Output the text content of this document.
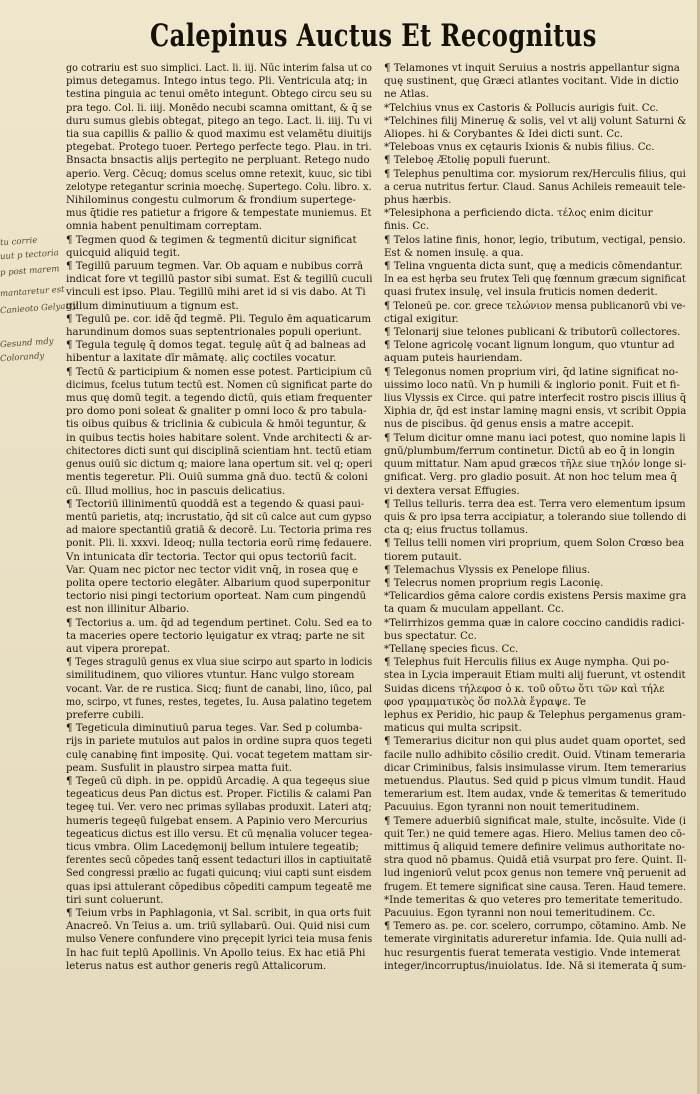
Calepinus Auctus Et Recognitus
tu corrie
uut p tectoria
p post marem
mantaretur est
Canieoto Gelyatty
Gesund mdy
Colorandy

go cotrariu est suo simplici. Lact. li. iij. Nūc interim falsa ut co

pimus detegamus. Intego intus tego. Pli. Ventricula atq; in

testina pinguia ac tenui omēto integunt. Obtego circu seu su

pra tego. Col. li. iiij. Monēdo necubi scamna omittant, & q̄ se

duru sumus glebis obtegat, pitego an tego. Lact. li. iiij. Tu vi

tia sua capillis & pallio & quod maximu est velamētu diuitijs

ptegebat. Protego tuoer. Pertego perfecte tego. Plau. in tri.

Bnsacta bnsactis alijs pertegito ne perpluant. Retego nudo

aperio. Verg. Cēcuq; domus scelus omne retexit, kuuc, sic tibi

zelotype retegantur scrinia moechę. Supertego. Colu. libro. x.

Nihilominus congestu culmorum & frondium supertege-

mus q̄tidie res patietur a frigore & tempestate muniemus. Et

omnia habent penultimam correptam.

¶ Tegmen quod & tegimen & tegmentū dicitur significat

quicquid aliquid tegit.

¶ Tegillū paruum tegmen. Var. Ob aquam e nubibus corrā

indicat fore vt tegillū pastor sibi sumat. Est & tegillū cuculi

vinculi est ipso. Plau. Tegillū mihi aret id si vis dabo. At Ti

gillum diminutiuum a tignum est.

¶ Tegulū pe. cor. idē q̄d tegmē. Pli. Tegulo ēm aquaticarum

harundinum domos suas septentrionales populi operiunt.

¶ Tegula tegulę q̄ domos tegat. tegulę aūt q̄ ad balneas ad

hibentur a laxitate dīr māmatę. aliç coctiles vocatur.

¶ Tectū & participium & nomen esse potest. Participium cū

dicimus, fcelus tutum tectū est. Nomen cū significat parte do

mus quę domū tegit. a tegendo dictū, quis etiam frequenter

pro domo poni soleat & gnaliter p omni loco & pro tabula-

tis oibus quibus & triclinia & cubicula & hmōi teguntur, &

in quibus tectis hoies habitare solent. Vnde architecti & ar-

chitectores dicti sunt qui disciplinā scientiam hnt. tectū etiam

genus ouiū sic dictum q; maiore lana opertum sit. vel q; operi

mentis tegeretur. Pli. Ouiū summa gnā duo. tectū & coloni

cū. Illud mollius, hoc in pascuis delicatius.

¶ Tectoriū illinimentū quoddā est a tegendo & quasi paui-

mentū parietis, atq; incrustatio, q̄d sit cū calce aut cum gypso

ad maiore spectantiū gratiā & decorē. Lu. Tectoria prima res

ponit. Pli. li. xxxvi. Ideoq; nulla tectoria eorū rimę fedauere.

Vn intunicata dīr tectoria. Tector qui opus tectoriū facit.

Var. Quam nec pictor nec tector vidit vnq̄, in rosea quę e

polita opere tectorio elegāter. Albarium quod superponitur

tectorio nisi pingi tectorium oporteat. Nam cum pingendū

est non illinitur Albario.

¶ Tectorius a. um. q̄d ad tegendum pertinet. Colu. Sed ea to

ta maceries opere tectorio lęuigatur ex vtraq; parte ne sit

aut vipera prorepat.

¶ Teges stragulū genus ex vlua siue scirpo aut sparto in lodicis

similitudinem, quo viliores vtuntur. Hanc vulgo stoream

vocant. Var. de re rustica. Sicq; fiunt de canabi, lino, iūco, pal

mo, scirpo, vt funes, restes, tegetes, Iu. Ausa palatino tegetem

preferre cubili.

¶ Tegeticula diminutiuū parua teges. Var. Sed p columba-

rijs in pariete mutulos aut palos in ordine supra quos tegeti

culę canabinę fint impositę. Qui. vocat tegetem mattam sir-

peam. Susfulit in plaustro sirpea matta fuit.

¶ Tegeū cū diph. in pe. oppidū Arcadię. A qua tegeęus siue

tegeaticus deus Pan dictus est. Proper. Fictilis & calami Pan

tegeę tui. Ver. vero nec primas syllabas produxit. Lateri atq;

humeris tegeęū fulgebat ensem. A Papinio vero Mercurius

tegeaticus dictus est illo versu. Et cū męnalia volucer tegea-

ticus vmbra. Olim Lacedęmonij bellum intulere tegeatib;

ferentes secū cōpedes tanq̄ essent tedacturi illos in captiuitatē

Sed congressi prælio ac fugati quicunq; viui capti sunt eisdem

quas ipsi attulerant cōpedibus cōpediti campum tegeatē me

tiri sunt coluerunt.

¶ Teium vrbs in Paphlagonia, vt Sal. scribit, in qua orts fuit

Anacreō. Vn Teius a. um. triū syllabarū. Oui. Quid nisi cum

mulso Venere confundere vino pręcepit lyrici teia musa fenis

In hac fuit teplū Apollinis. Vn Apollo teius. Ex hac etiā Phi

leterus natus est author generis regū Attalicorum.

¶ Telamones vt inquit Seruius a nostris appellantur signa

quę sustinent, quę Græci atlantes vocitant. Vide in dictio

ne Atlas.

*Telchius vnus ex Castoris & Pollucis aurigis fuit. Cc.

*Telchines filij Mineruę & solis, vel vt alij volunt Saturni &

Aliopes. hi & Corybantes & Idei dicti sunt. Cc.

*Teleboas vnus ex cętauris Ixionis & nubis filius. Cc.

¶ Teleboę Ætolię populi fuerunt.

¶ Telephus penultima cor. mysiorum rex/Herculis filius, qui

a cerua nutritus fertur. Claud. Sanus Achileis remeauit tele-

phus hærbis.

*Telesiphona a perficiendo dicta. τέλος enim dicitur

finis. Cc.

¶ Telos latine finis, honor, legio, tributum, vectigal, pensio.

Est & nomen insulę. a qua.

¶ Telina vnguenta dicta sunt, quę a medicis cōmendantur.

In ea est hęrba seu frutex Teli quę fœnnum græcum significat

quasi frutex insulę, vel insula fruticis nomen dederit.

¶ Teloneū pe. cor. grece τελώνιον mensa publicanorū vbi ve-

ctigal exigitur.

¶ Telonarij siue telones publicani & tributorū collectores.

¶ Telone agricolę vocant lignum longum, quo vtuntur ad

aquam puteis hauriendam.

¶ Telegonus nomen proprium viri, q̄d latine significat no-

uissimo loco natū. Vn p humili & inglorio ponit. Fuit et fi-

lius Vlyssis ex Circe. qui patre interfecit rostro piscis illius q̄

Xiphia dr, q̄d est instar laminę magni ensis, vt scribit Oppia

nus de piscibus. q̄d genus ensis a matre accepit.

¶ Telum dicitur omne manu iaci potest, quo nomine lapis li

gnū/plumbum/ferrum continetur. Dictū ab eo q̄ in longin

quum mittatur. Nam apud græcos τῆλε siue τηλόν longe si-

gnificat. Verg. pro gladio posuit. At non hoc telum mea q̄

vi dextera versat Effugies.

¶ Tellus telluris. terra dea est. Terra vero elementum ipsum

quis & pro ipsa terra accipiatur, a tolerando siue tollendo di

cta q; eius fructus tollamus.

¶ Tellus telli nomen viri proprium, quem Solon Crœso bea

tiorem putauit.

¶ Telemachus Vlyssis ex Penelope filius.

¶ Telecrus nomen proprium regis Laconię.

*Telicardios gēma calore cordis existens Persis maxime gra

ta quam & muculam appellant. Cc.

*Telirrhizos gemma quæ in calore coccino candidis radici-

bus spectatur. Cc.

*Tellanę species ficus. Cc.

¶ Telephus fuit Herculis filius ex Auge nympha. Qui po-

stea in Lycia imperauit Etiam multi alij fuerunt, vt ostendit

Suidas dicens τήλεφοσ ὁ κ. τοῦ οὔτω ὅτι τῶν καὶ τήλε

φοσ γραμματικὸς ὅσ πολλὰ ἔγραψε. Te

lephus ex Peridio, hic paup & Telephus pergamenus gram-

maticus qui multa scripsit.

¶ Temerarius dicitur non qui plus audet quam oportet, sed

facile nullo adhibito cōsilio credit. Ouid. Vtinam temeraria

dicar Criminibus, falsis insimulasse virum. Item temerarius

metuendus. Plautus. Sed quid p picus vlmum tundit. Haud

temerarium est. Item audax, vnde & temeritas & temeritudo

Pacuuius. Egon tyranni non nouit temeritudinem.

¶ Temere aduerbiū significat male, stulte, incōsulte. Vide (i

quit Ter.) ne quid temere agas. Hiero. Melius tamen deo cō-

mittimus q̄ aliquid temere definire velimus authoritate no-

stra quod nō pbamus. Quidā etiā vsurpat pro fere. Quint. Il-

lud ingeniorū velut pcox genus non temere vnq̄ peruenit ad

frugem. Et temere significat sine causa. Teren. Haud temere.

*Inde temeritas & quo veteres pro temeritate temeritudo.

Pacuuius. Egon tyranni non noui temeritudinem. Cc.

¶ Temero as. pe. cor. scelero, corrumpo, cōtamino. Amb. Ne

temerate virginitatis adureretur infamia. Ide. Quia nulli ad-

huc resurgentis fuerat temerata vestigio. Vnde intemerat

integer/incorruptus/inuiolatus. Ide. Nā si itemerata q̄ sum-
